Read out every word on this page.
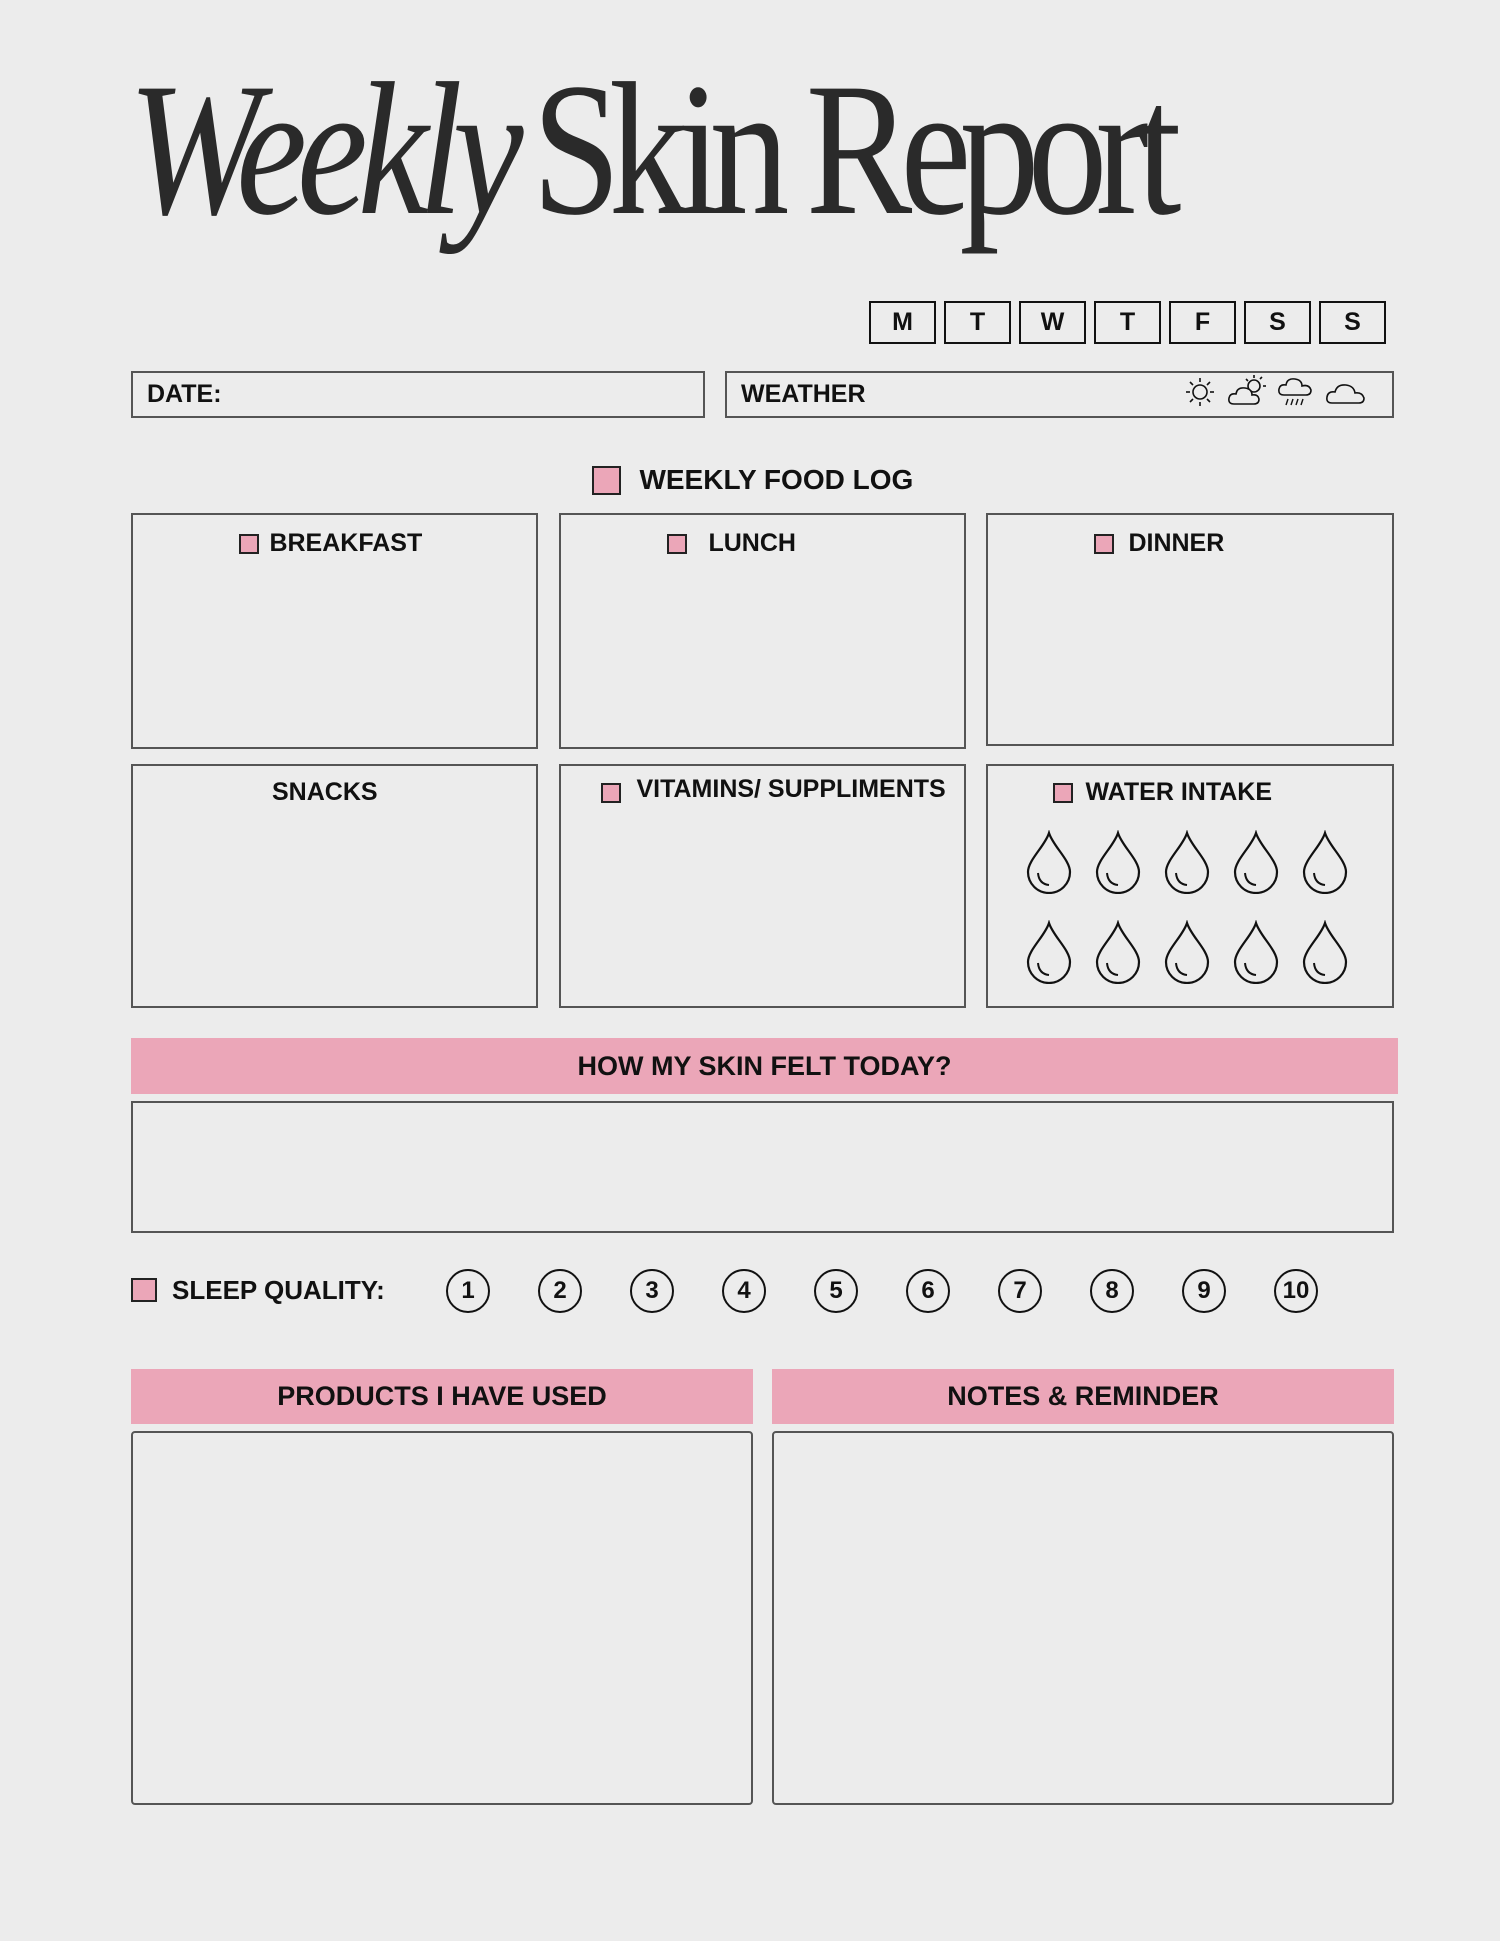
WeeklySkin Report
M	T	W	T	F	S	S
DATE:	WEATHER
WEEKLY FOOD LOG
BREAKFAST	LUNCH	DINNER
SNACKS	VITAMINS/ SUPPLIMENTS	WATER INTAKE
HOW MY SKIN FELT TODAY?
SLEEP QUALITY:	1	2	3	4	5	6	7	8	9	10
PRODUCTS I HAVE USED	NOTES & REMINDER
